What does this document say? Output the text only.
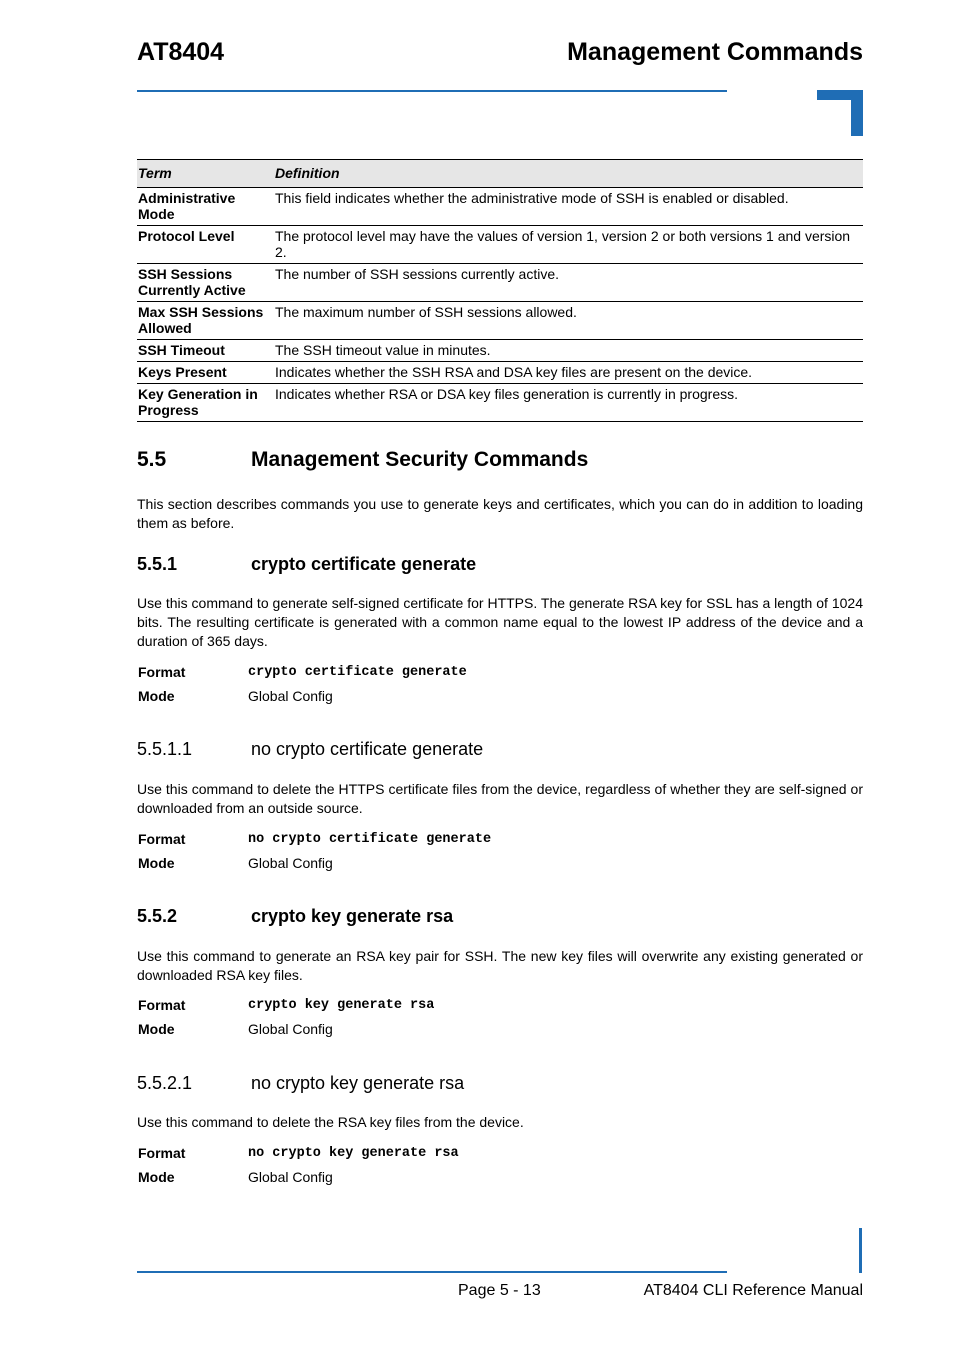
AT8404	Management Commands
Term	Definition
Administrative Mode	This field indicates whether the administrative mode of SSH is enabled or disabled.
Protocol Level	The protocol level may have the values of version 1, version 2 or both versions 1 and version 2.
SSH Sessions Currently Active	The number of SSH sessions currently active.
Max SSH Sessions Allowed	The maximum number of SSH sessions allowed.
SSH Timeout	The SSH timeout value in minutes.
Keys Present	Indicates whether the SSH RSA and DSA key files are present on the device.
Key Generation in Progress	Indicates whether RSA or DSA key files generation is currently in progress.
5.5	Management Security Commands
This section describes commands you use to generate keys and certificates, which you can do in addition to loading them as before.
5.5.1	crypto certificate generate
Use this command to generate self-signed certificate for HTTPS. The generate RSA key for SSL has a length of 1024 bits. The resulting certificate is generated with a common name equal to the lowest IP address of the device and a duration of 365 days.
Format	crypto certificate generate
Mode	Global Config
5.5.1.1	no crypto certificate generate
Use this command to delete the HTTPS certificate files from the device, regardless of whether they are self-signed or downloaded from an outside source.
Format	no crypto certificate generate
Mode	Global Config
5.5.2	crypto key generate rsa
Use this command to generate an RSA key pair for SSH. The new key files will overwrite any existing generated or downloaded RSA key files.
Format	crypto key generate rsa
Mode	Global Config
5.5.2.1	no crypto key generate rsa
Use this command to delete the RSA key files from the device.
Format	no crypto key generate rsa
Mode	Global Config
Page 5 - 13	AT8404 CLI Reference Manual
